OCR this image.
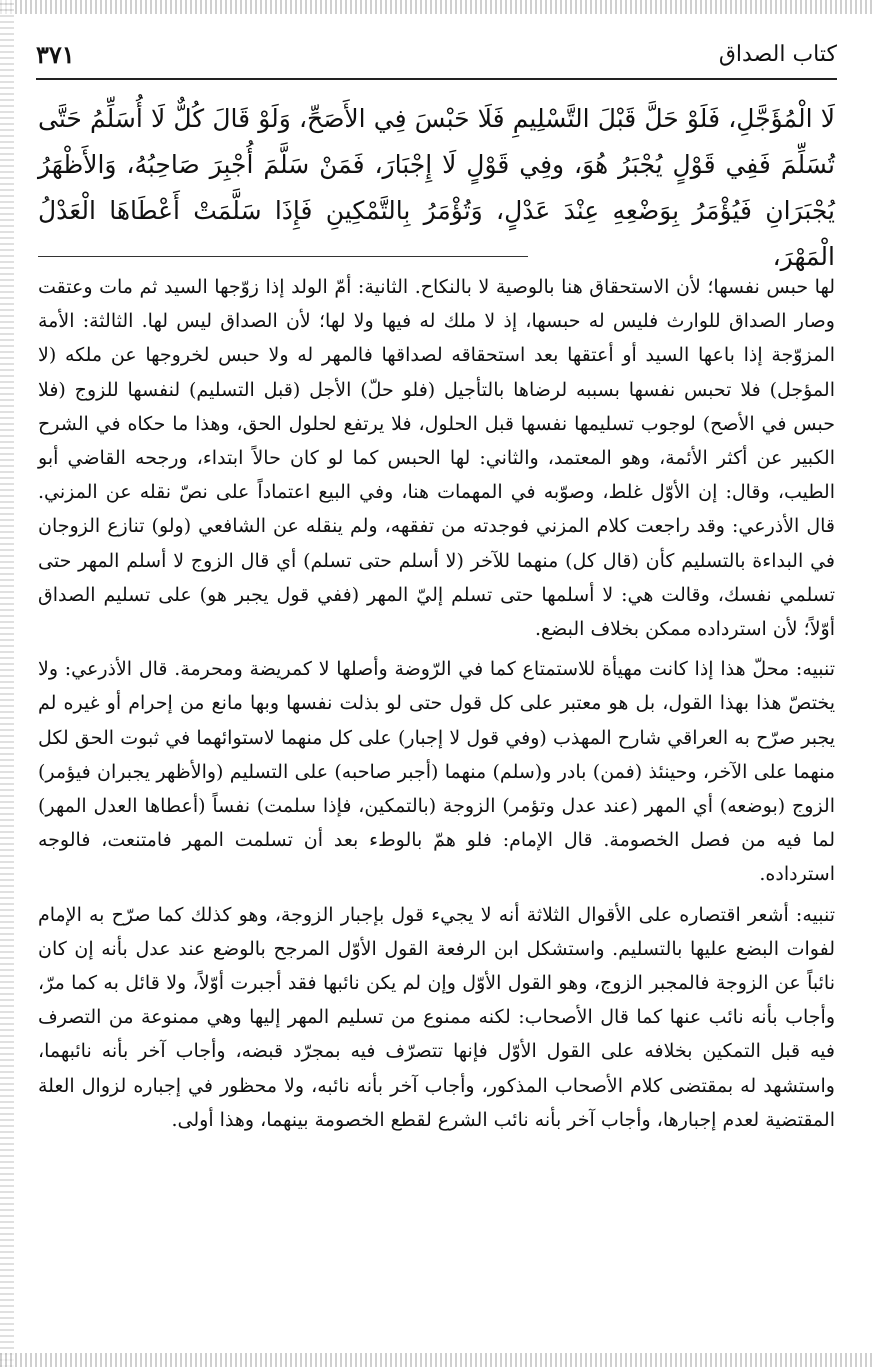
كتاب الصداق
٣٧١
لَا الْمُؤَجَّلِ، فَلَوْ حَلَّ قَبْلَ التَّسْلِيمِ فَلَا حَبْسَ فِي الأَصَحِّ، وَلَوْ قَالَ كُلٌّ لَا أُسَلِّمُ حَتَّى تُسَلِّمَ فَفِي قَوْلٍ يُجْبَرُ هُوَ، وفِي قَوْلٍ لَا إِجْبَارَ، فَمَنْ سَلَّمَ أُجْبِرَ صَاحِبُهُ، وَالأَظْهَرُ يُجْبَرَانِ فَيُؤْمَرُ بِوَضْعِهِ عِنْدَ عَدْلٍ، وَتُؤْمَرُ بِالتَّمْكِينِ فَإِذَا سَلَّمَتْ أَعْطَاهَا الْعَدْلُ الْمَهْرَ،

لها حبس نفسها؛ لأن الاستحقاق هنا بالوصية لا بالنكاح. الثانية: أمّ الولد إذا زوّجها السيد ثم مات وعتقت وصار الصداق للوارث فليس له حبسها، إذ لا ملك له فيها ولا لها؛ لأن الصداق ليس لها. الثالثة: الأمة المزوّجة إذا باعها السيد أو أعتقها بعد استحقاقه لصداقها فالمهر له ولا حبس لخروجها عن ملكه (لا المؤجل) فلا تحبس نفسها بسببه لرضاها بالتأجيل (فلو حلّ) الأجل (قبل التسليم) لنفسها للزوج (فلا حبس في الأصح) لوجوب تسليمها نفسها قبل الحلول، فلا يرتفع لحلول الحق، وهذا ما حكاه في الشرح الكبير عن أكثر الأئمة، وهو المعتمد، والثاني: لها الحبس كما لو كان حالاً ابتداء، ورجحه القاضي أبو الطيب، وقال: إن الأوّل غلط، وصوّبه في المهمات هنا، وفي البيع اعتماداً على نصّ نقله عن المزني. قال الأذرعي: وقد راجعت كلام المزني فوجدته من تفقهه، ولم ينقله عن الشافعي (ولو) تنازع الزوجان في البداءة بالتسليم كأن (قال كل) منهما للآخر (لا أسلم حتى تسلم) أي قال الزوج لا أسلم المهر حتى تسلمي نفسك، وقالت هي: لا أسلمها حتى تسلم إليّ المهر (ففي قول يجبر هو) على تسليم الصداق أوّلاً؛ لأن استرداده ممكن بخلاف البضع.

تنبيه: محلّ هذا إذا كانت مهيأة للاستمتاع كما في الرّوضة وأصلها لا كمريضة ومحرمة. قال الأذرعي: ولا يختصّ هذا بهذا القول، بل هو معتبر على كل قول حتى لو بذلت نفسها وبها مانع من إحرام أو غيره لم يجبر صرّح به العراقي شارح المهذب (وفي قول لا إجبار) على كل منهما لاستوائهما في ثبوت الحق لكل منهما على الآخر، وحينئذ (فمن) بادر و(سلم) منهما (أجبر صاحبه) على التسليم (والأظهر يجبران فيؤمر) الزوج (بوضعه) أي المهر (عند عدل وتؤمر) الزوجة (بالتمكين، فإذا سلمت) نفساً (أعطاها العدل المهر) لما فيه من فصل الخصومة. قال الإمام: فلو همّ بالوطء بعد أن تسلمت المهر فامتنعت، فالوجه استرداده.

تنبيه: أشعر اقتصاره على الأقوال الثلاثة أنه لا يجيء قول بإجبار الزوجة، وهو كذلك كما صرّح به الإمام لفوات البضع عليها بالتسليم. واستشكل ابن الرفعة القول الأوّل المرجح بالوضع عند عدل بأنه إن كان نائباً عن الزوجة فالمجبر الزوج، وهو القول الأوّل وإن لم يكن نائبها فقد أجبرت أوّلاً، ولا قائل به كما مرّ، وأجاب بأنه نائب عنها كما قال الأصحاب: لكنه ممنوع من تسليم المهر إليها وهي ممنوعة من التصرف فيه قبل التمكين بخلافه على القول الأوّل فإنها تتصرّف فيه بمجرّد قبضه، وأجاب آخر بأنه نائبهما، واستشهد له بمقتضى كلام الأصحاب المذكور، وأجاب آخر بأنه نائبه، ولا محظور في إجباره لزوال العلة المقتضية لعدم إجبارها، وأجاب آخر بأنه نائب الشرع لقطع الخصومة بينهما، وهذا أولى.
